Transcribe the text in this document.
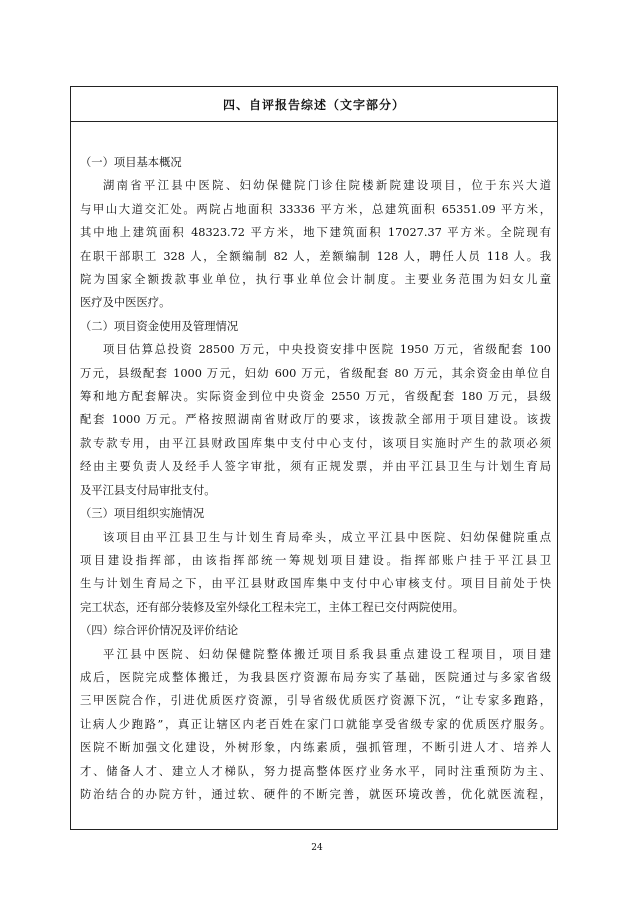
四、自评报告综述（文字部分）
（一）项目基本概况
湖南省平江县中医院、妇幼保健院门诊住院楼新院建设项目，位于东兴大道
与甲山大道交汇处。两院占地面积 33336 平方米，总建筑面积 65351.09 平方米，
其中地上建筑面积 48323.72 平方米，地下建筑面积 17027.37 平方米。全院现有
在职干部职工 328 人，全额编制 82 人，差额编制 128 人，聘任人员 118 人。我
院为国家全额拨款事业单位，执行事业单位会计制度。主要业务范围为妇女儿童
医疗及中医医疗。
（二）项目资金使用及管理情况
项目估算总投资 28500 万元，中央投资安排中医院 1950 万元，省级配套 100
万元，县级配套 1000 万元，妇幼 600 万元，省级配套 80 万元，其余资金由单位自
筹和地方配套解决。实际资金到位中央资金 2550 万元，省级配套 180 万元，县级
配套 1000 万元。严格按照湖南省财政厅的要求，该拨款全部用于项目建设。该拨
款专款专用，由平江县财政国库集中支付中心支付，该项目实施时产生的款项必须
经由主要负责人及经手人签字审批，须有正规发票，并由平江县卫生与计划生育局
及平江县支付局审批支付。
（三）项目组织实施情况
该项目由平江县卫生与计划生育局牵头，成立平江县中医院、妇幼保健院重点
项目建设指挥部，由该指挥部统一筹规划项目建设。指挥部账户挂于平江县卫
生与计划生育局之下，由平江县财政国库集中支付中心审核支付。项目目前处于快
完工状态，还有部分装修及室外绿化工程未完工，主体工程已交付两院使用。
（四）综合评价情况及评价结论
平江县中医院、妇幼保健院整体搬迁项目系我县重点建设工程项目，项目建
成后，医院完成整体搬迁，为我县医疗资源布局夯实了基础，医院通过与多家省级
三甲医院合作，引进优质医疗资源，引导省级优质医疗资源下沉，“让专家多跑路，
让病人少跑路”，真正让辖区内老百姓在家门口就能享受省级专家的优质医疗服务。
医院不断加强文化建设，外树形象，内练素质，强抓管理，不断引进人才、培养人
才、储备人才、建立人才梯队，努力提高整体医疗业务水平，同时注重预防为主、
防治结合的办院方针，通过软、硬件的不断完善，就医环境改善，优化就医流程，
24
